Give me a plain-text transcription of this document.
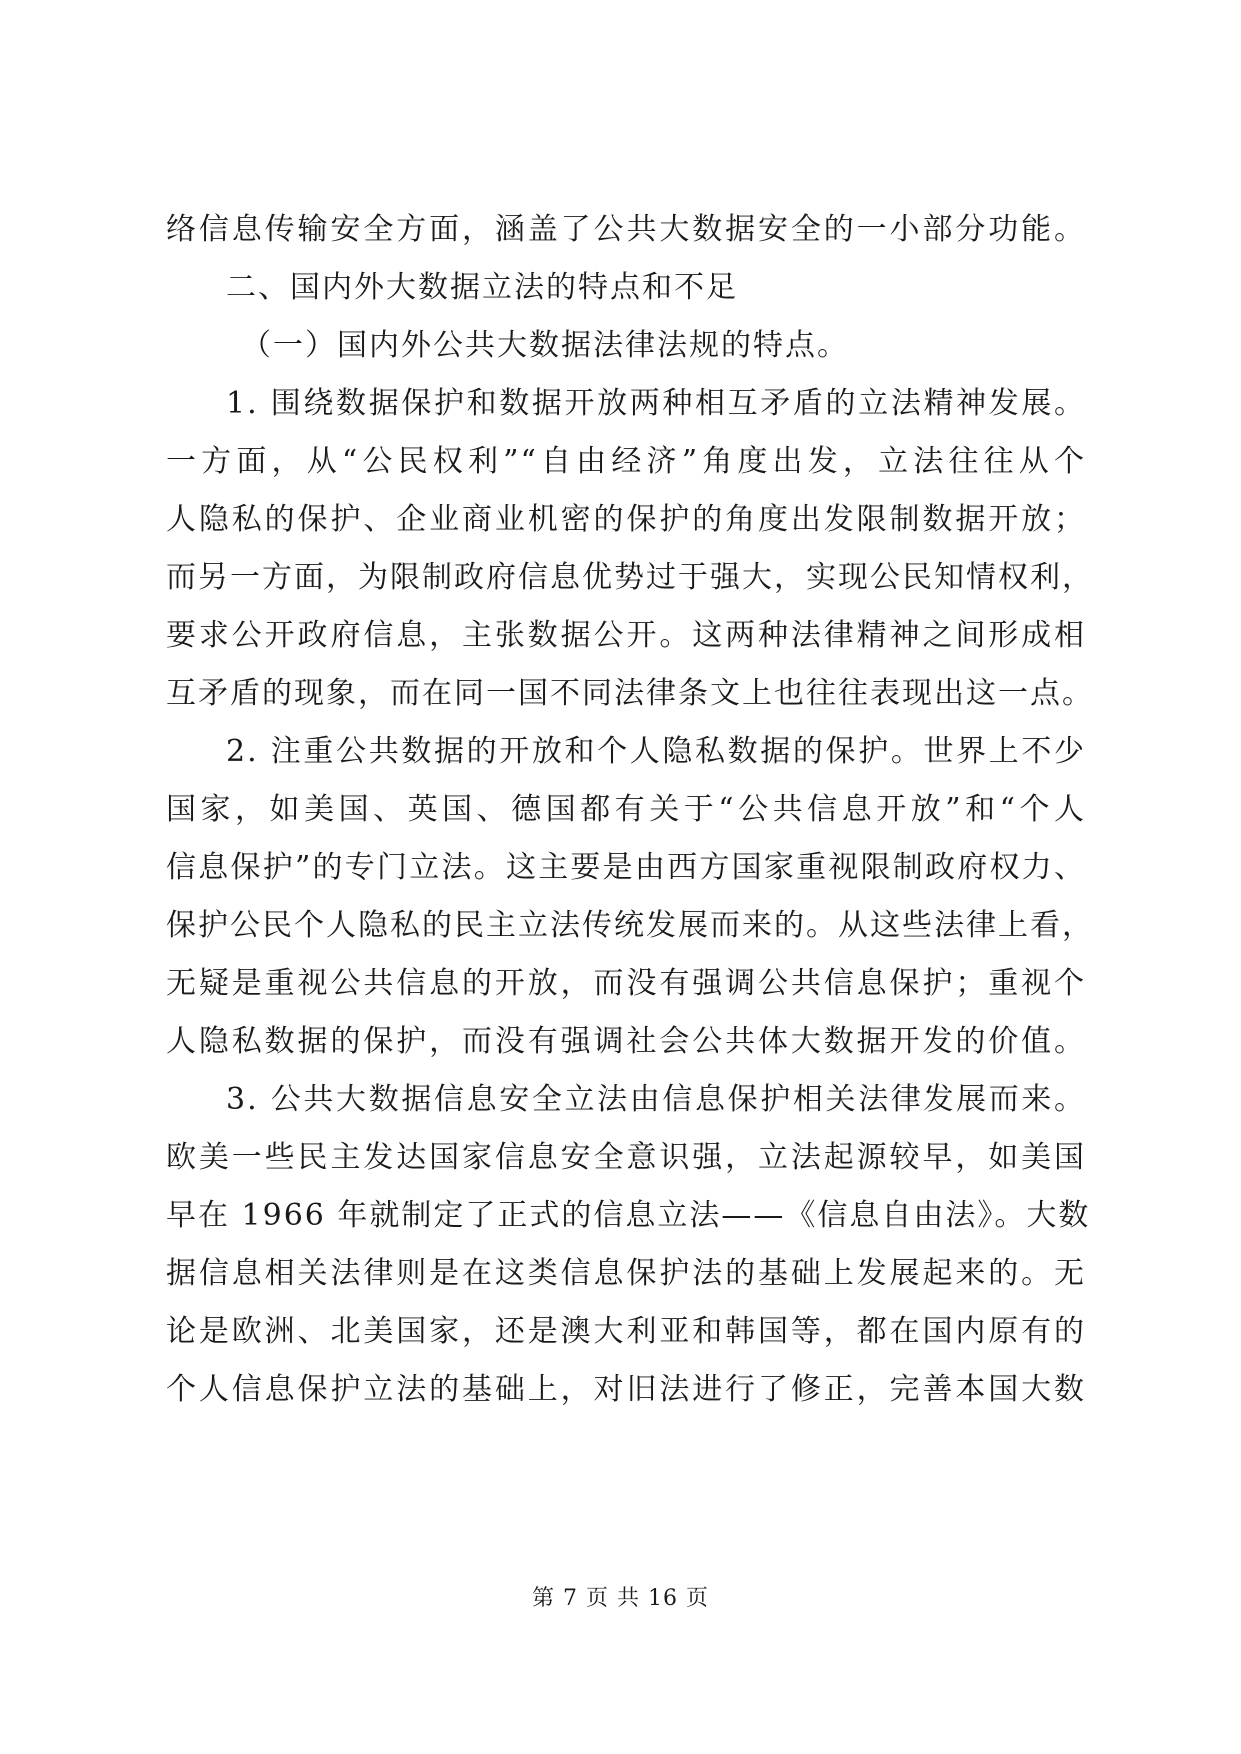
络信息传输安全方面，涵盖了公共大数据安全的一小部分功能。
二、国内外大数据立法的特点和不足
（一）国内外公共大数据法律法规的特点。
1. 围绕数据保护和数据开放两种相互矛盾的立法精神发展。
一方面，从“公民权利”“自由经济”角度出发，立法往往从个
人隐私的保护、企业商业机密的保护的角度出发限制数据开放；
而另一方面，为限制政府信息优势过于强大，实现公民知情权利，
要求公开政府信息，主张数据公开。这两种法律精神之间形成相
互矛盾的现象，而在同一国不同法律条文上也往往表现出这一点。
2. 注重公共数据的开放和个人隐私数据的保护。世界上不少
国家，如美国、英国、德国都有关于“公共信息开放”和“个人
信息保护”的专门立法。这主要是由西方国家重视限制政府权力、
保护公民个人隐私的民主立法传统发展而来的。从这些法律上看，
无疑是重视公共信息的开放，而没有强调公共信息保护；重视个
人隐私数据的保护，而没有强调社会公共体大数据开发的价值。
3. 公共大数据信息安全立法由信息保护相关法律发展而来。
欧美一些民主发达国家信息安全意识强，立法起源较早，如美国
早在 1966 年就制定了正式的信息立法——《信息自由法》。大数
据信息相关法律则是在这类信息保护法的基础上发展起来的。无
论是欧洲、北美国家，还是澳大利亚和韩国等，都在国内原有的
个人信息保护立法的基础上，对旧法进行了修正，完善本国大数
第 7 页 共 16 页
